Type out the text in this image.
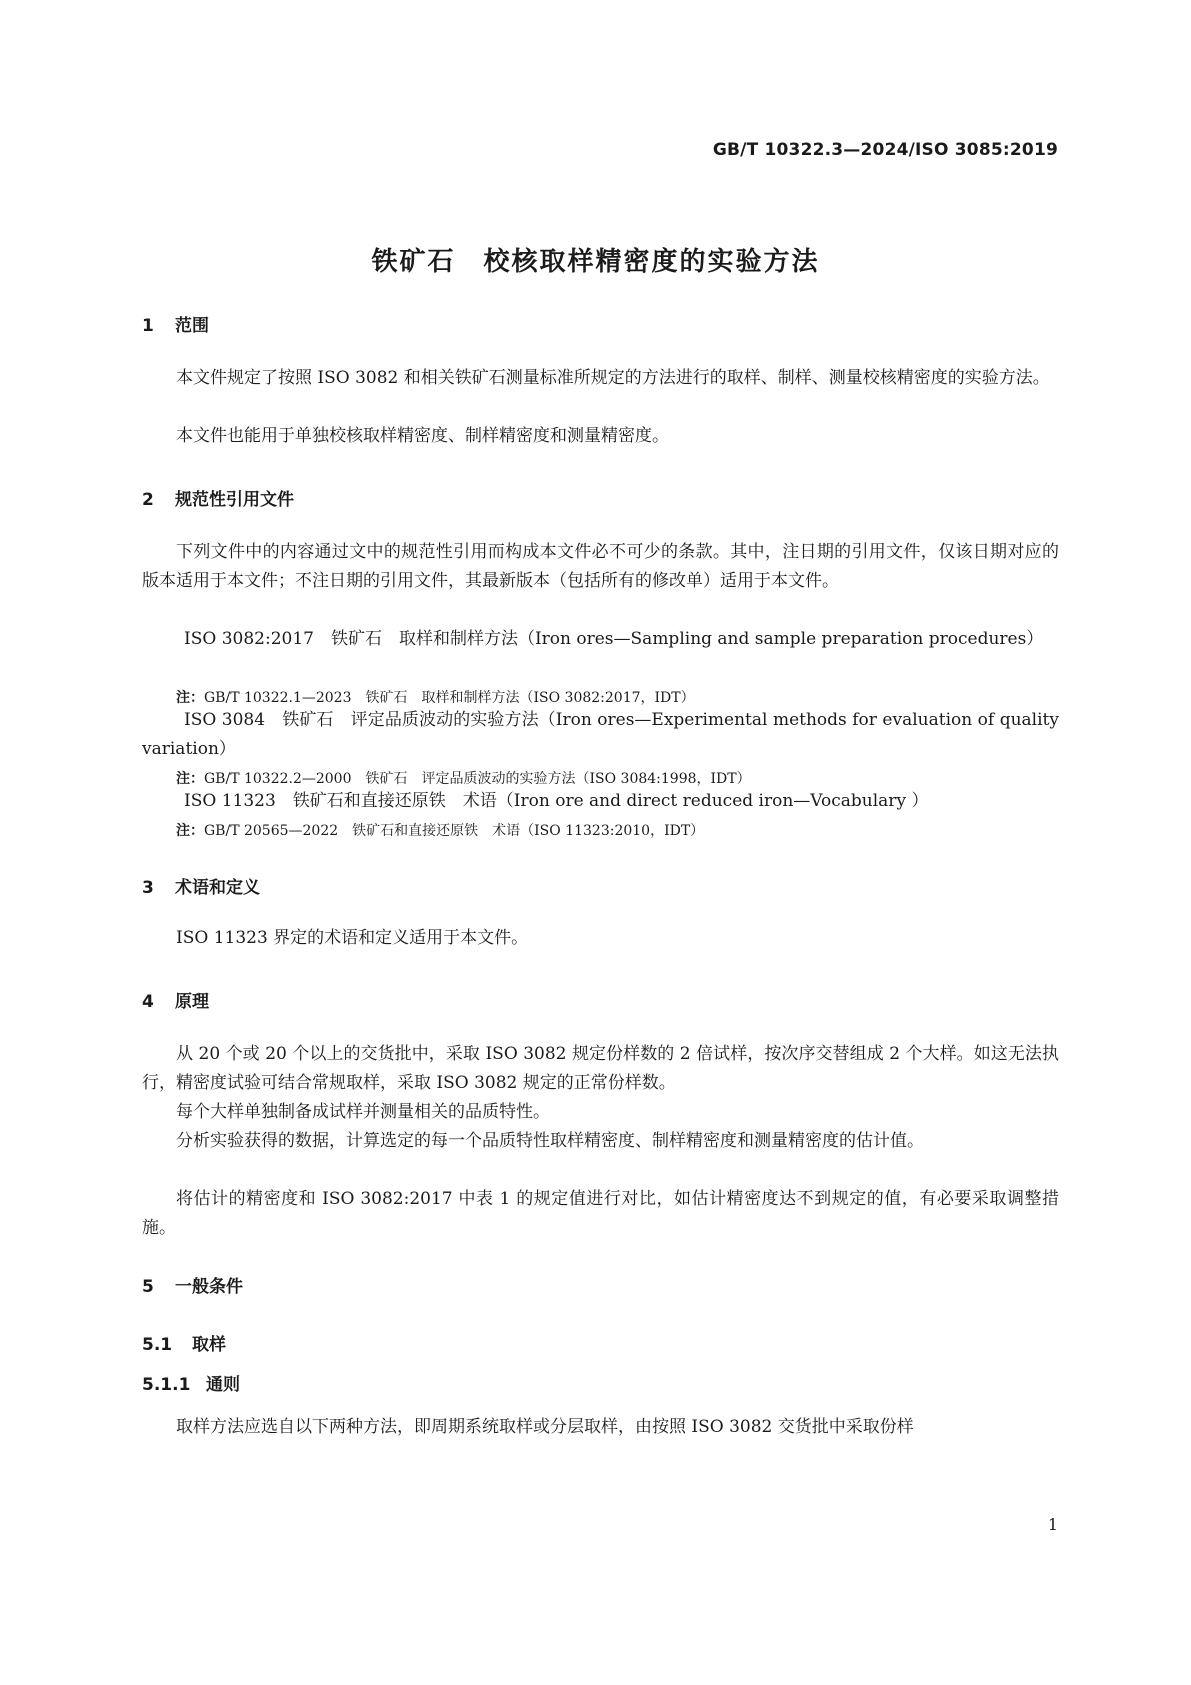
GB/T 10322.3—2024/ISO 3085:2019
铁矿石　校核取样精密度的实验方法
1 范围

本文件规定了按照 ISO 3082 和相关铁矿石测量标准所规定的方法进行的取样、制样、测量校核精密度的实验方法。

本文件也能用于单独校核取样精密度、制样精密度和测量精密度。

2 规范性引用文件

下列文件中的内容通过文中的规范性引用而构成本文件必不可少的条款。其中，注日期的引用文件，仅该日期对应的版本适用于本文件；不注日期的引用文件，其最新版本（包括所有的修改单）适用于本文件。

ISO 3082:2017　铁矿石　取样和制样方法（Iron ores—Sampling and sample preparation procedures）

注：GB/T 10322.1—2023　铁矿石　取样和制样方法（ISO 3082:2017，IDT）

ISO 3084　铁矿石　评定品质波动的实验方法（Iron ores—Experimental methods for evaluation of quality variation）

注：GB/T 10322.2—2000　铁矿石　评定品质波动的实验方法（ISO 3084:1998，IDT）

ISO 11323　铁矿石和直接还原铁　术语（Iron ore and direct reduced iron—Vocabulary ）

注：GB/T 20565—2022　铁矿石和直接还原铁　术语（ISO 11323:2010，IDT）
3 术语和定义

ISO 11323 界定的术语和定义适用于本文件。

4 原理

从 20 个或 20 个以上的交货批中，采取 ISO 3082 规定份样数的 2 倍试样，按次序交替组成 2 个大样。如这无法执行，精密度试验可结合常规取样，采取 ISO 3082 规定的正常份样数。

每个大样单独制备成试样并测量相关的品质特性。

分析实验获得的数据，计算选定的每一个品质特性取样精密度、制样精密度和测量精密度的估计值。

将估计的精密度和 ISO 3082:2017 中表 1 的规定值进行对比，如估计精密度达不到规定的值，有必要采取调整措施。

5 一般条件
5.1 取样
5.1.1 通则

取样方法应选自以下两种方法，即周期系统取样或分层取样，由按照 ISO 3082 交货批中采取份样

1
